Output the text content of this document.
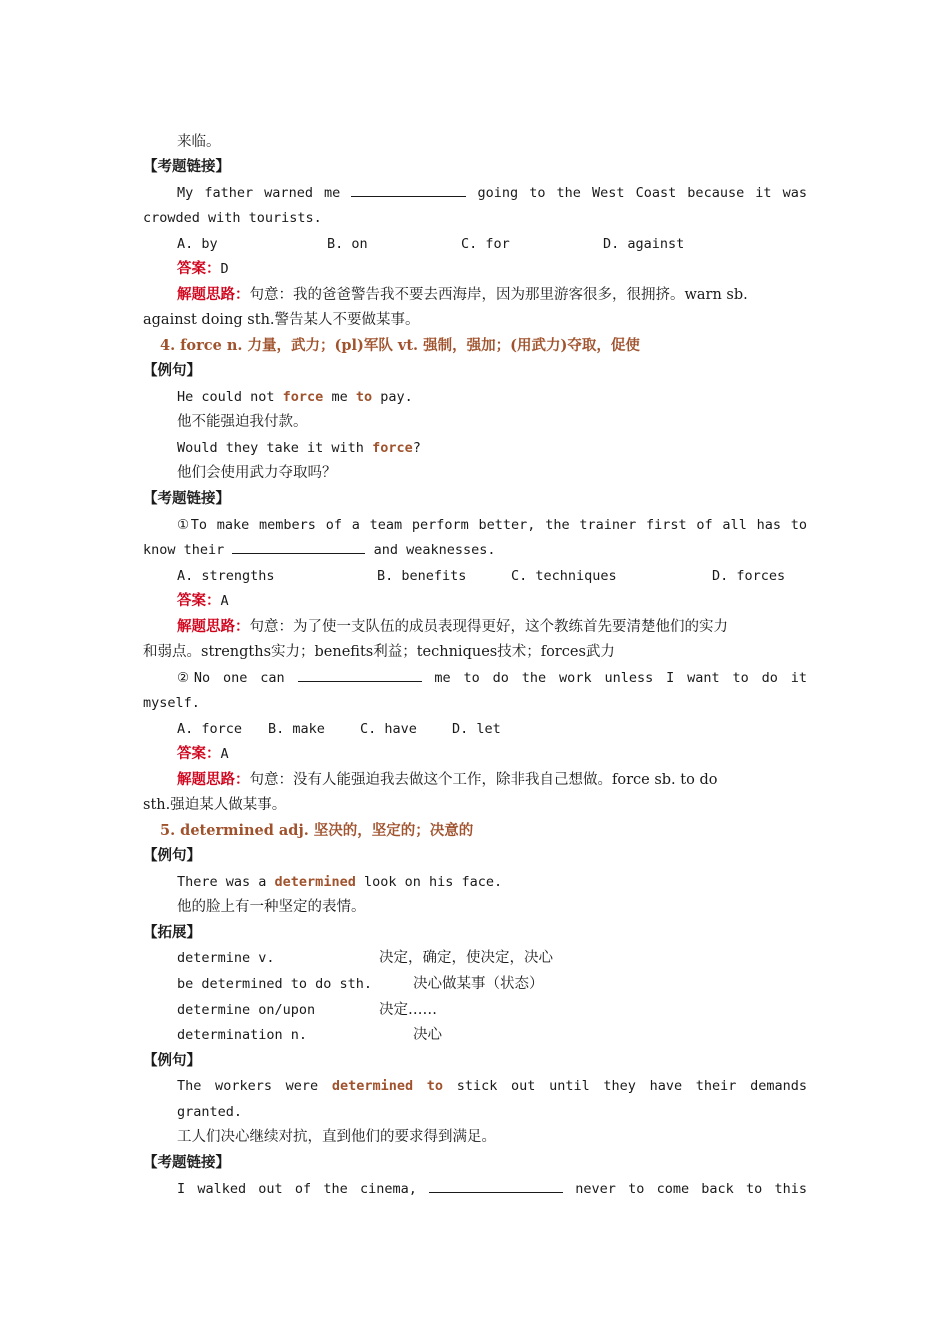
来临。
【考题链接】
My father warned me	going to the West Coast because it was
crowded with tourists.
A. by	B. on	C. for	D. against
答案：D
解题思路：句意：我的爸爸警告我不要去西海岸，因为那里游客很多，很拥挤。warn sb.
against doing sth.警告某人不要做某事。
4. force n. 力量，武力；(pl)军队 vt. 强制，强加；(用武力)夺取，促使
【例句】
He could not force me to pay.
他不能强迫我付款。
Would they take it with force?
他们会使用武力夺取吗？
【考题链接】
①To make members of a team perform better, the trainer first of all has to
know their	and weaknesses.
A. strengths	B. benefits	C. techniques	D. forces
答案：A
解题思路：句意：为了使一支队伍的成员表现得更好，这个教练首先要清楚他们的实力
和弱点。strengths实力；benefits利益；techniques技术；forces武力
②No one can	me to do the work unless I want to do it
myself.
A. force B. make	C. have	D. let
答案：A
解题思路：句意：没有人能强迫我去做这个工作，除非我自己想做。force sb. to do
sth.强迫某人做某事。
5. determined adj. 坚决的，坚定的；决意的
【例句】
There was a determined look on his face.
他的脸上有一种坚定的表情。
【拓展】
determine v.	决定，确定，使决定，决心
be determined to do sth.	决心做某事（状态）
determine on/upon	决定……
determination n.	决心
【例句】
The workers were determined to stick out until they have their demands
granted.
工人们决心继续对抗，直到他们的要求得到满足。
【考题链接】
I walked out of the cinema,	never to come back to this
